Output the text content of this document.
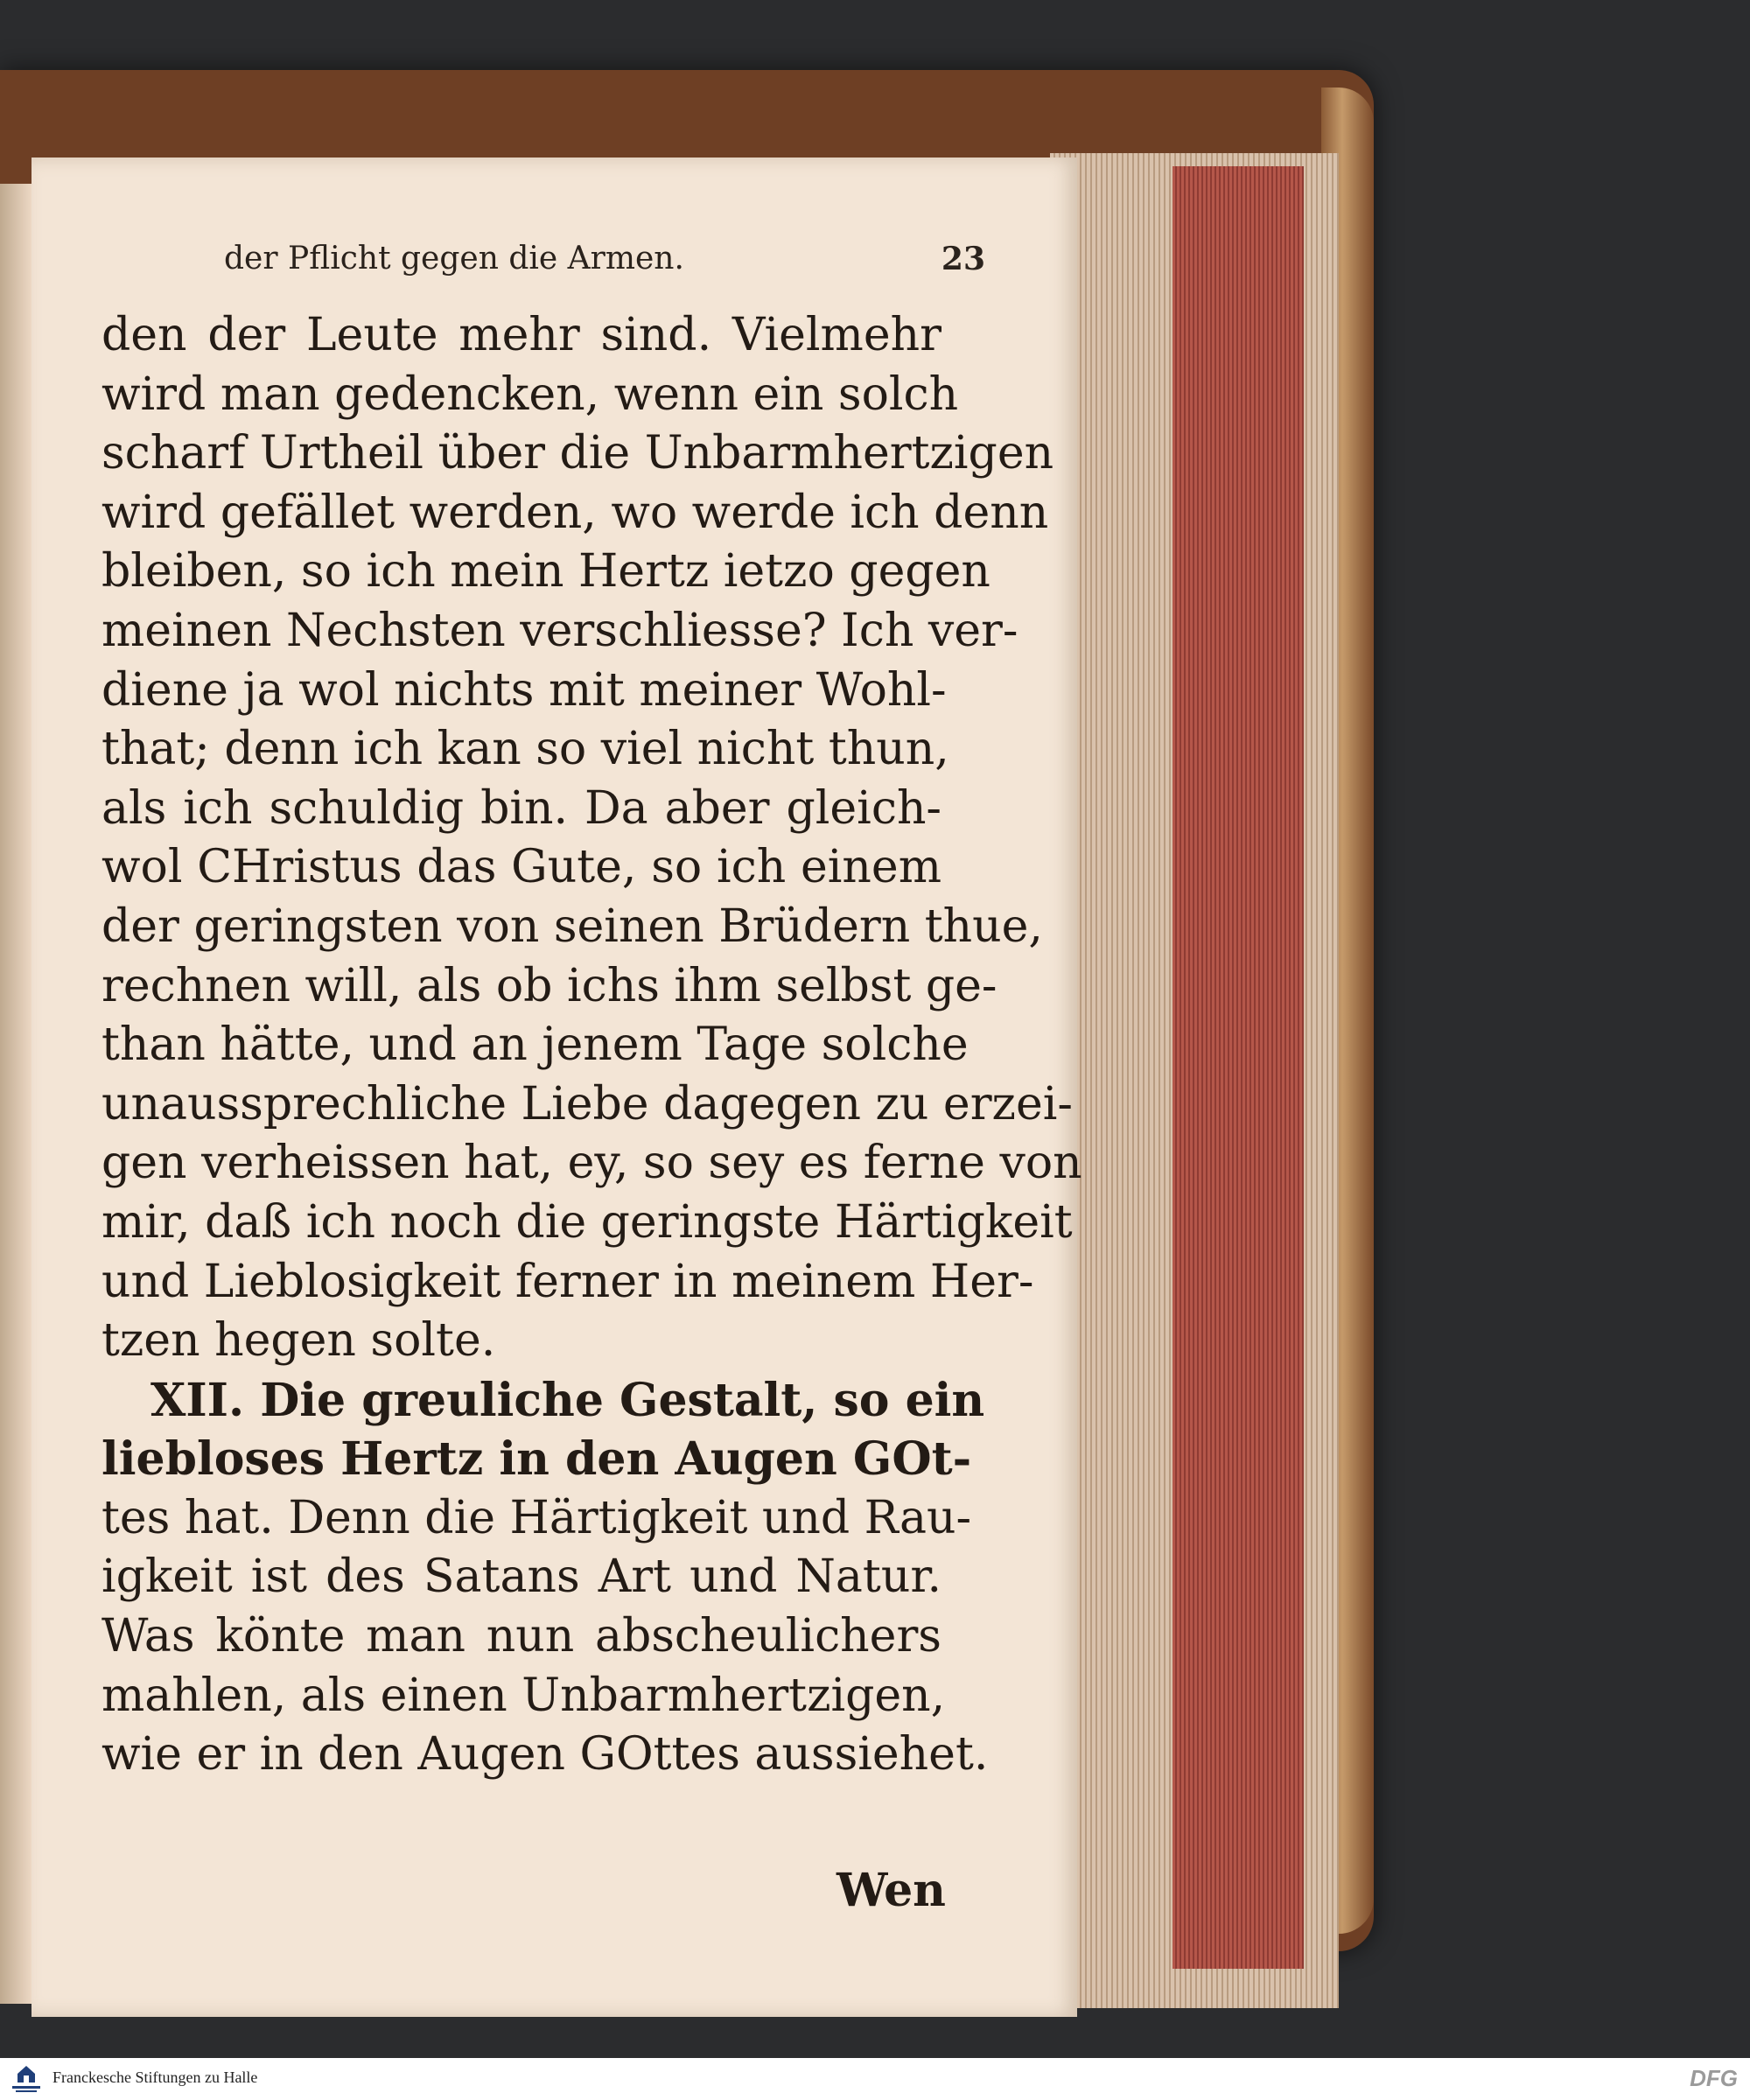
der Pflicht gegen die Armen.	23
den der Leute mehr sind. Vielmehr
wird man gedencken, wenn ein solch
scharf Urtheil über die Unbarmhertzigen
wird gefället werden, wo werde ich denn
bleiben, so ich mein Hertz ietzo gegen
meinen Nechsten verschliesse? Ich ver-
diene ja wol nichts mit meiner Wohl-
that; denn ich kan so viel nicht thun,
als ich schuldig bin. Da aber gleich-
wol CHristus das Gute, so ich einem
der geringsten von seinen Brüdern thue,
rechnen will, als ob ichs ihm selbst ge-
than hätte, und an jenem Tage solche
unaussprechliche Liebe dagegen zu erzei-
gen verheissen hat, ey, so sey es ferne von
mir, daß ich noch die geringste Härtigkeit
und Lieblosigkeit ferner in meinem Her-
tzen hegen solte.
XII. Die greuliche Gestalt, so ein
liebloses Hertz in den Augen GOt-
tes hat. Denn die Härtigkeit und Rau-
igkeit ist des Satans Art und Natur.
Was könte man nun abscheulichers
mahlen, als einen Unbarmhertzigen,
wie er in den Augen GOttes aussiehet.
Wen
Franckesche Stiftungen zu Halle	DFG
